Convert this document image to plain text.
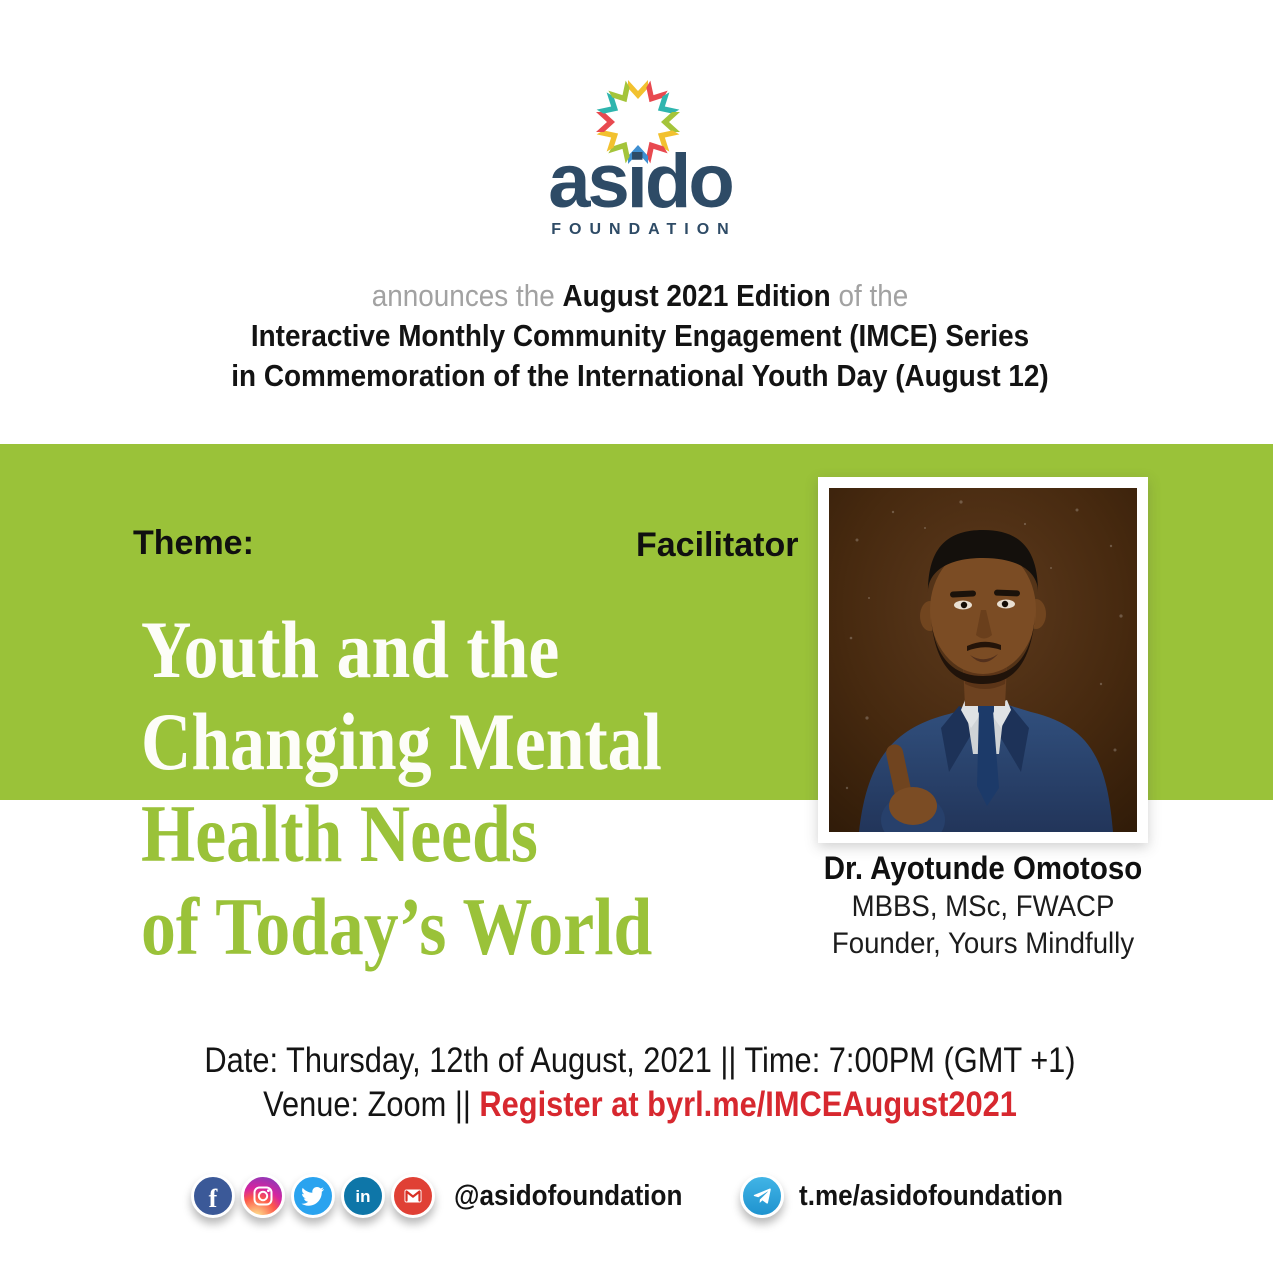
asido
FOUNDATION
announces the August 2021 Edition of the
Interactive Monthly Community Engagement (IMCE) Series
in Commemoration of the International Youth Day (August 12)
Theme:	Facilitator
Youth and the
Changing Mental
Health Needs
of Today’s World
Dr. Ayotunde Omotoso
MBBS, MSc, FWACP
Founder, Yours Mindfully
Date: Thursday, 12th of August, 2021 || Time: 7:00PM (GMT +1)
Venue: Zoom || Register at byrl.me/IMCEAugust2021
f	in	@asidofoundation	t.me/asidofoundation
